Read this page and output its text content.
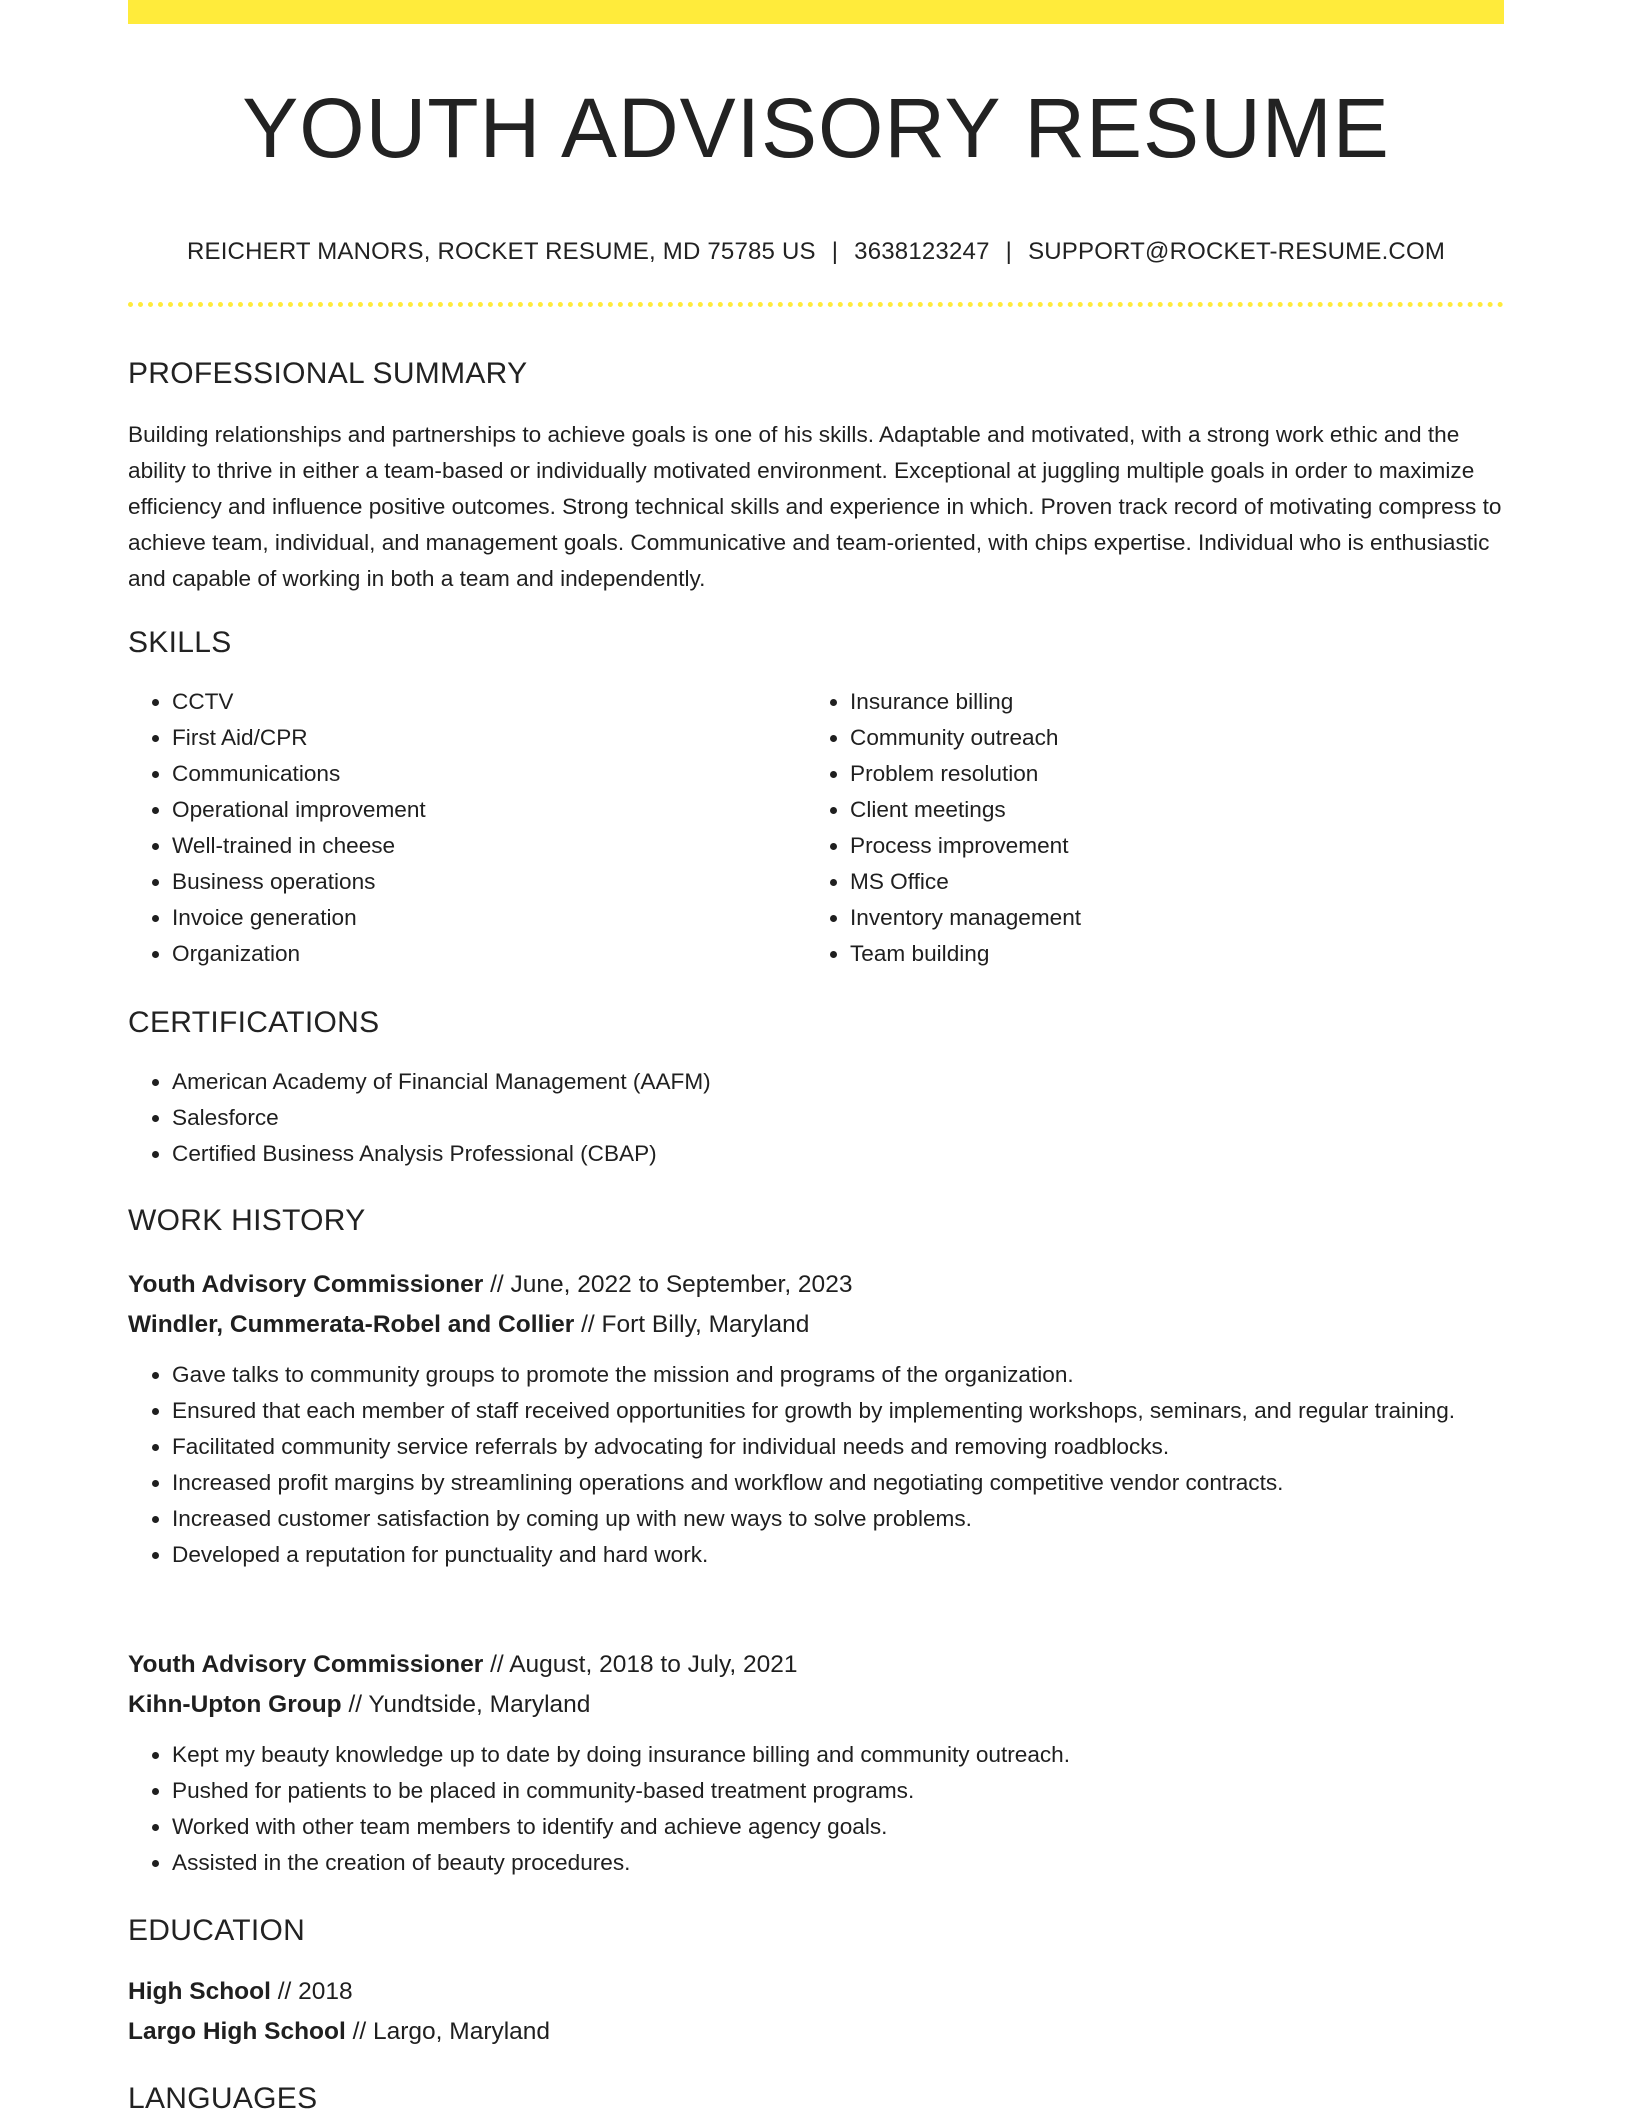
YOUTH ADVISORY RESUME
REICHERT MANORS, ROCKET RESUME, MD 75785 US | 3638123247 | SUPPORT@ROCKET-RESUME.COM
PROFESSIONAL SUMMARY
Building relationships and partnerships to achieve goals is one of his skills. Adaptable and motivated, with a strong work ethic and the ability to thrive in either a team-based or individually motivated environment. Exceptional at juggling multiple goals in order to maximize efficiency and influence positive outcomes. Strong technical skills and experience in which. Proven track record of motivating compress to achieve team, individual, and management goals. Communicative and team-oriented, with chips expertise. Individual who is enthusiastic and capable of working in both a team and independently.
SKILLS
• CCTV
• First Aid/CPR
• Communications
• Operational improvement
• Well-trained in cheese
• Business operations
• Invoice generation
• Organization
• Insurance billing
• Community outreach
• Problem resolution
• Client meetings
• Process improvement
• MS Office
• Inventory management
• Team building
CERTIFICATIONS
• American Academy of Financial Management (AAFM)
• Salesforce
• Certified Business Analysis Professional (CBAP)
WORK HISTORY
Youth Advisory Commissioner // June, 2022 to September, 2023
Windler, Cummerata-Robel and Collier // Fort Billy, Maryland
• Gave talks to community groups to promote the mission and programs of the organization.
• Ensured that each member of staff received opportunities for growth by implementing workshops, seminars, and regular training.
• Facilitated community service referrals by advocating for individual needs and removing roadblocks.
• Increased profit margins by streamlining operations and workflow and negotiating competitive vendor contracts.
• Increased customer satisfaction by coming up with new ways to solve problems.
• Developed a reputation for punctuality and hard work.
Youth Advisory Commissioner // August, 2018 to July, 2021
Kihn-Upton Group // Yundtside, Maryland
• Kept my beauty knowledge up to date by doing insurance billing and community outreach.
• Pushed for patients to be placed in community-based treatment programs.
• Worked with other team members to identify and achieve agency goals.
• Assisted in the creation of beauty procedures.
EDUCATION
High School // 2018
Largo High School // Largo, Maryland
LANGUAGES
